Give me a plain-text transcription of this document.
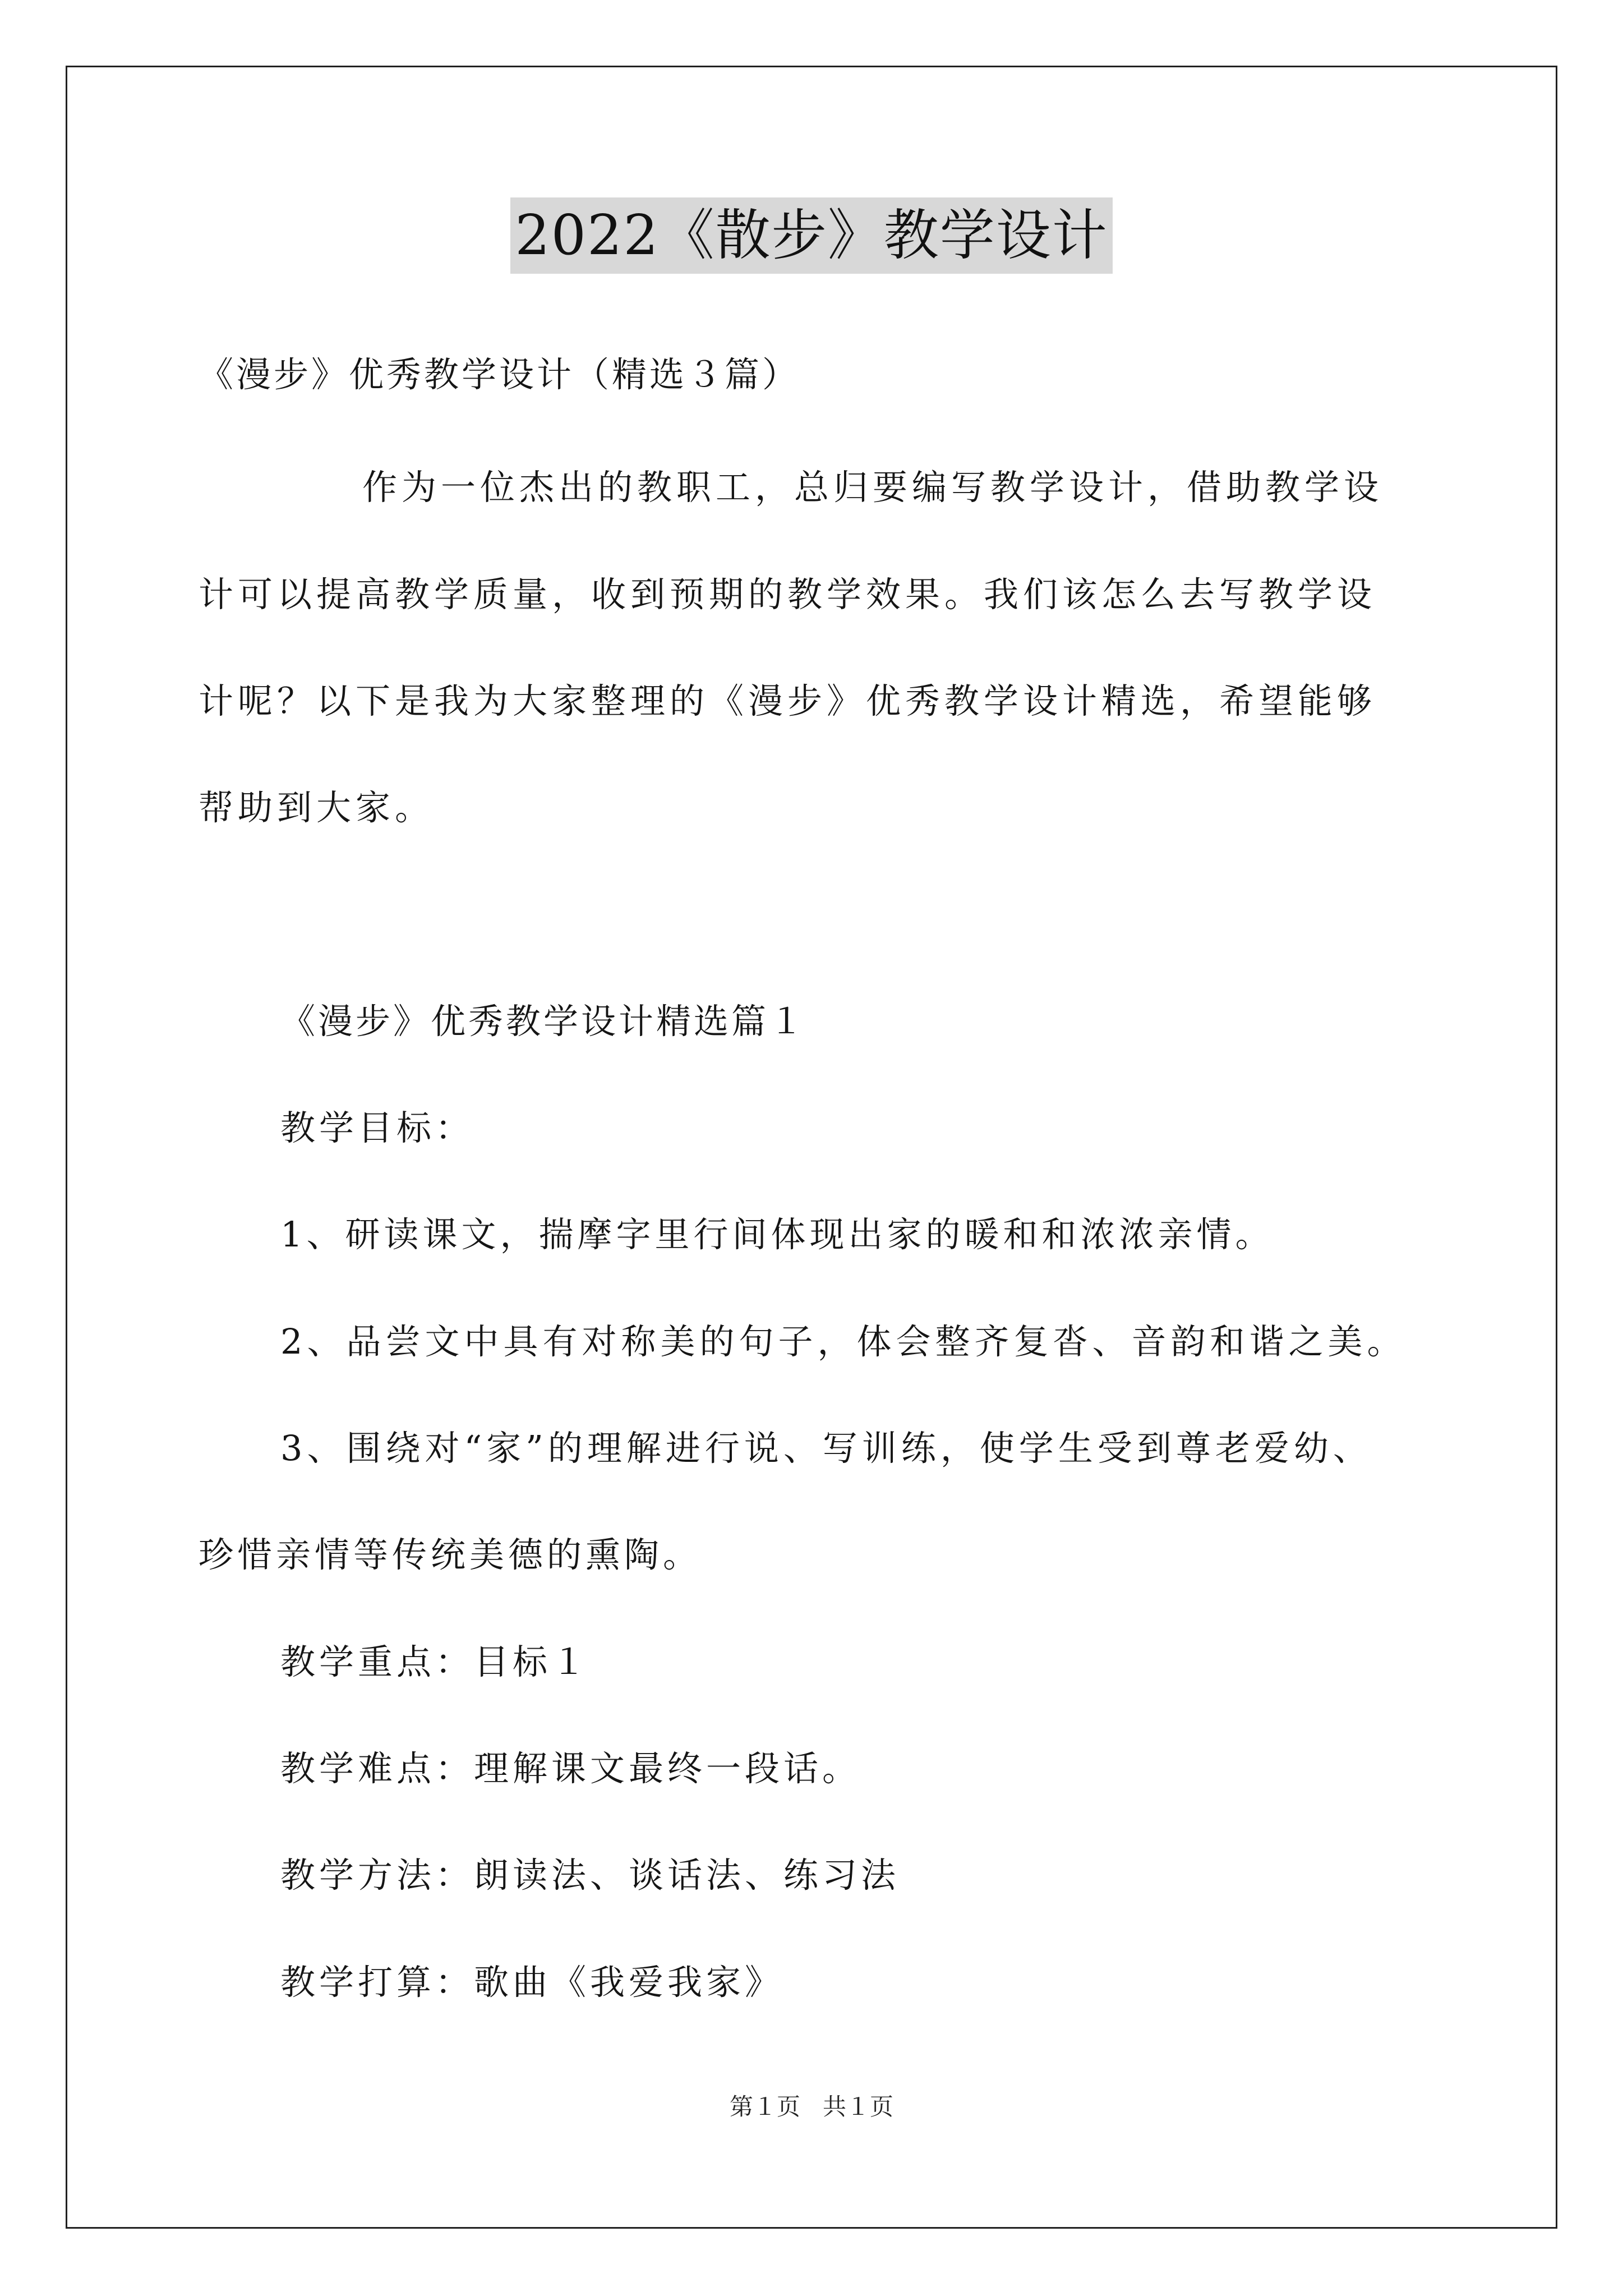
2022《散步》教学设计
《漫步》优秀教学设计（精选３篇）
作为一位杰出的教职工，总归要编写教学设计，借助教学设
计可以提高教学质量，收到预期的教学效果。我们该怎么去写教学设
计呢？以下是我为大家整理的《漫步》优秀教学设计精选，希望能够
帮助到大家。
《漫步》优秀教学设计精选篇１
教学目标：
1、研读课文，揣摩字里行间体现出家的暖和和浓浓亲情。
2、品尝文中具有对称美的句子，体会整齐复沓、音韵和谐之美。
3、围绕对“家”的理解进行说、写训练，使学生受到尊老爱幼、
珍惜亲情等传统美德的熏陶。
教学重点：目标１
教学难点：理解课文最终一段话。
教学方法：朗读法、谈话法、练习法
教学打算：歌曲《我爱我家》
第１页 共１页
